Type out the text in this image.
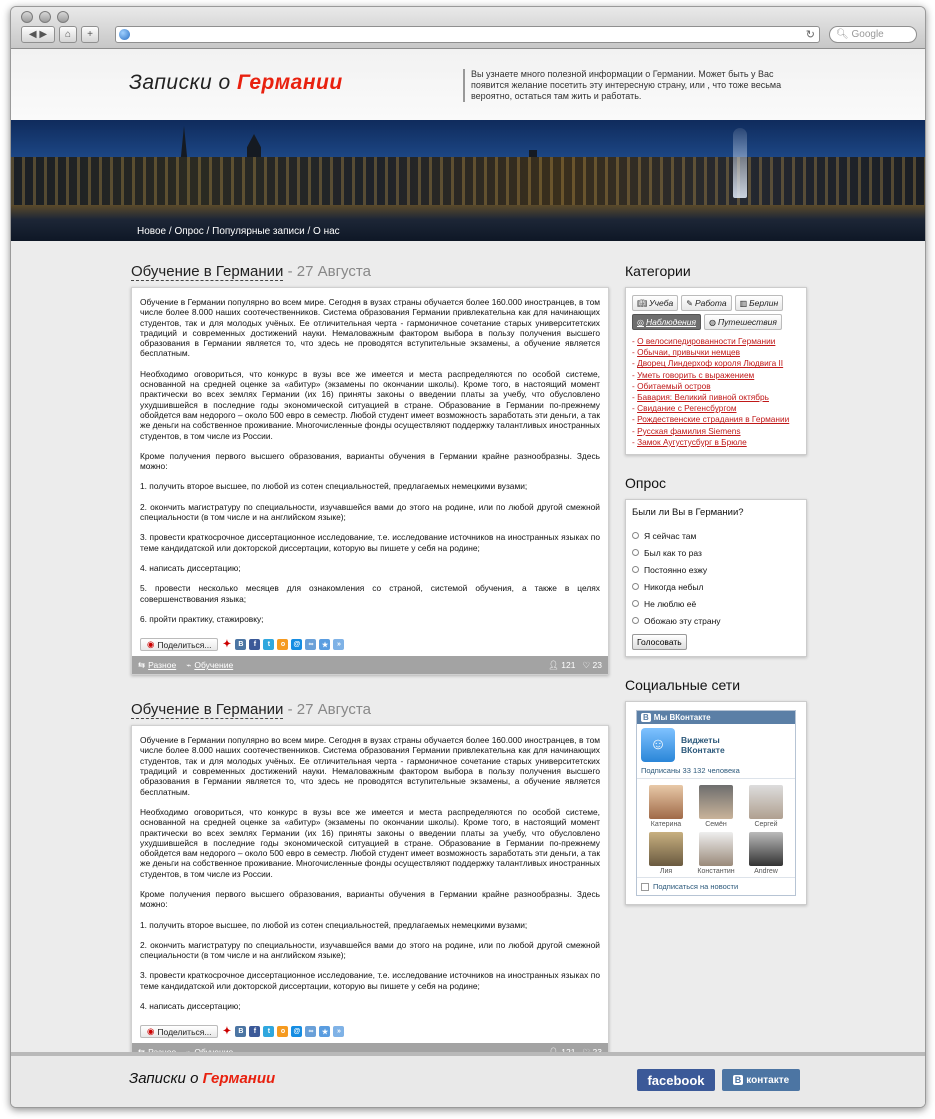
◀
▶ ⌂ +	↻	🔍︎ Google
Записки о Германии	Вы узнаете много полезной информации о Германии. Может быть у Вас появится желание посетить эту интересную страну, или , что тоже весьма вероятно, остаться там жить и работать.
Новое / Опрос / Популярные записи / О нас
Обучение в Германии - 27 Августа

Обучение в Германии популярно во всем мире. Сегодня в вузах страны обучается более 160.000 иностранцев, в том числе более 8.000 наших соотечественников. Система образования Германии привлекательна как для начинающих студентов, так и для молодых учёных. Ее отличительная черта - гармоничное сочетание старых университетских традиций и современных достижений науки. Немаловажным фактором выбора в пользу получения высшего образования в Германии является то, что здесь не проводятся вступительные экзамены, а обучение является бесплатным.

Необходимо оговориться, что конкурс в вузы все же имеется и места распределяются по особой системе, основанной на средней оценке за «абитур» (экзамены по окончании школы). Кроме того, в настоящий момент практически во всех землях Германии (их 16) приняты законы о введении платы за учебу, что обусловлено ухудшившейся в последние годы экономической ситуацией в стране. Образование в Германии по-прежнему обойдется вам недорого – около 500 евро в семестр. Любой студент имеет возможность заработать эти деньги, а так же деньги на собственное проживание. Многочисленные фонды осуществляют поддержку талантливых иностранных студентов, в том числе из России.

Кроме получения первого высшего образования, варианты обучения в Германии крайне разнообразны. Здесь можно:

1. получить второе высшее, по любой из сотен специальностей, предлагаемых немецкими вузами;

2. окончить магистратуру по специальности, изучавшейся вами до этого на родине, или по любой другой смежной специальности (в том числе и на английском языке);

3. провести краткосрочное диссертационное исследование, т.е. исследование источников на иностранных языках по теме кандидатской или докторской диссертации, которую вы пишете у себя на родине;

4. написать диссертацию;

5. провести несколько месяцев для ознакомления со страной, системой обучения, а также в целях совершенствования языка;

6. пройти практику, стажировку;

◉ Поделиться... ✦	B	f	t	o	@	∞	★	»
⇆ Разное ⌁ Обучение	👤︎ 121 ♡ 23
Обучение в Германии - 27 Августа

Обучение в Германии популярно во всем мире. Сегодня в вузах страны обучается более 160.000 иностранцев, в том числе более 8.000 наших соотечественников. Система образования Германии привлекательна как для начинающих студентов, так и для молодых учёных. Ее отличительная черта - гармоничное сочетание старых университетских традиций и современных достижений науки. Немаловажным фактором выбора в пользу получения высшего образования в Германии является то, что здесь не проводятся вступительные экзамены, а обучение является бесплатным.

Необходимо оговориться, что конкурс в вузы все же имеется и места распределяются по особой системе, основанной на средней оценке за «абитур» (экзамены по окончании школы). Кроме того, в настоящий момент практически во всех землях Германии (их 16) приняты законы о введении платы за учебу, что обусловлено ухудшившейся в последние годы экономической ситуацией в стране. Образование в Германии по-прежнему обойдется вам недорого – около 500 евро в семестр. Любой студент имеет возможность заработать эти деньги, а так же деньги на собственное проживание. Многочисленные фонды осуществляют поддержку талантливых иностранных студентов, в том числе из России.

Кроме получения первого высшего образования, варианты обучения в Германии крайне разнообразны. Здесь можно:

1. получить второе высшее, по любой из сотен специальностей, предлагаемых немецкими вузами;

2. окончить магистратуру по специальности, изучавшейся вами до этого на родине, или по любой другой смежной специальности (в том числе и на английском языке);

3. провести краткосрочное диссертационное исследование, т.е. исследование источников на иностранных языках по теме кандидатской или докторской диссертации, которую вы пишете у себя на родине;

4. написать диссертацию;

◉ Поделиться... ✦	B	f	t	o	@	∞	★	»

Категории
📖︎ Учеба ✎ Работа ▥ Берлин
◎ Наблюдения ◍ Путешествия
- О велосипедированности Германии
- Обычаи, привычки немцев
- Дворец Линдерхоф короля Людвига II
- Уметь говорить с выражением
- Обитаемый остров
- Бавария: Великий пивной октябрь
- Свидание с Регенсбургом
- Рождественские страдания в Германии
- Русская фамилия Siemens
- Замок Аугустусбург в Брюле
Опрос
Были ли Вы в Германии?
Я сейчас там
Был как то раз
Постоянно езжу
Никогда небыл
Не люблю её
Обожаю эту страну
Голосовать
Социальные сети
B Мы ВКонтакте
☺	Виджеты
ВКонтакте
Подписаны 33 132 человека
Катерина	Семён	Сергей
Лия	Константин	Andrew
Подписаться на новости
Записки о Германии	facebook	B контакте
